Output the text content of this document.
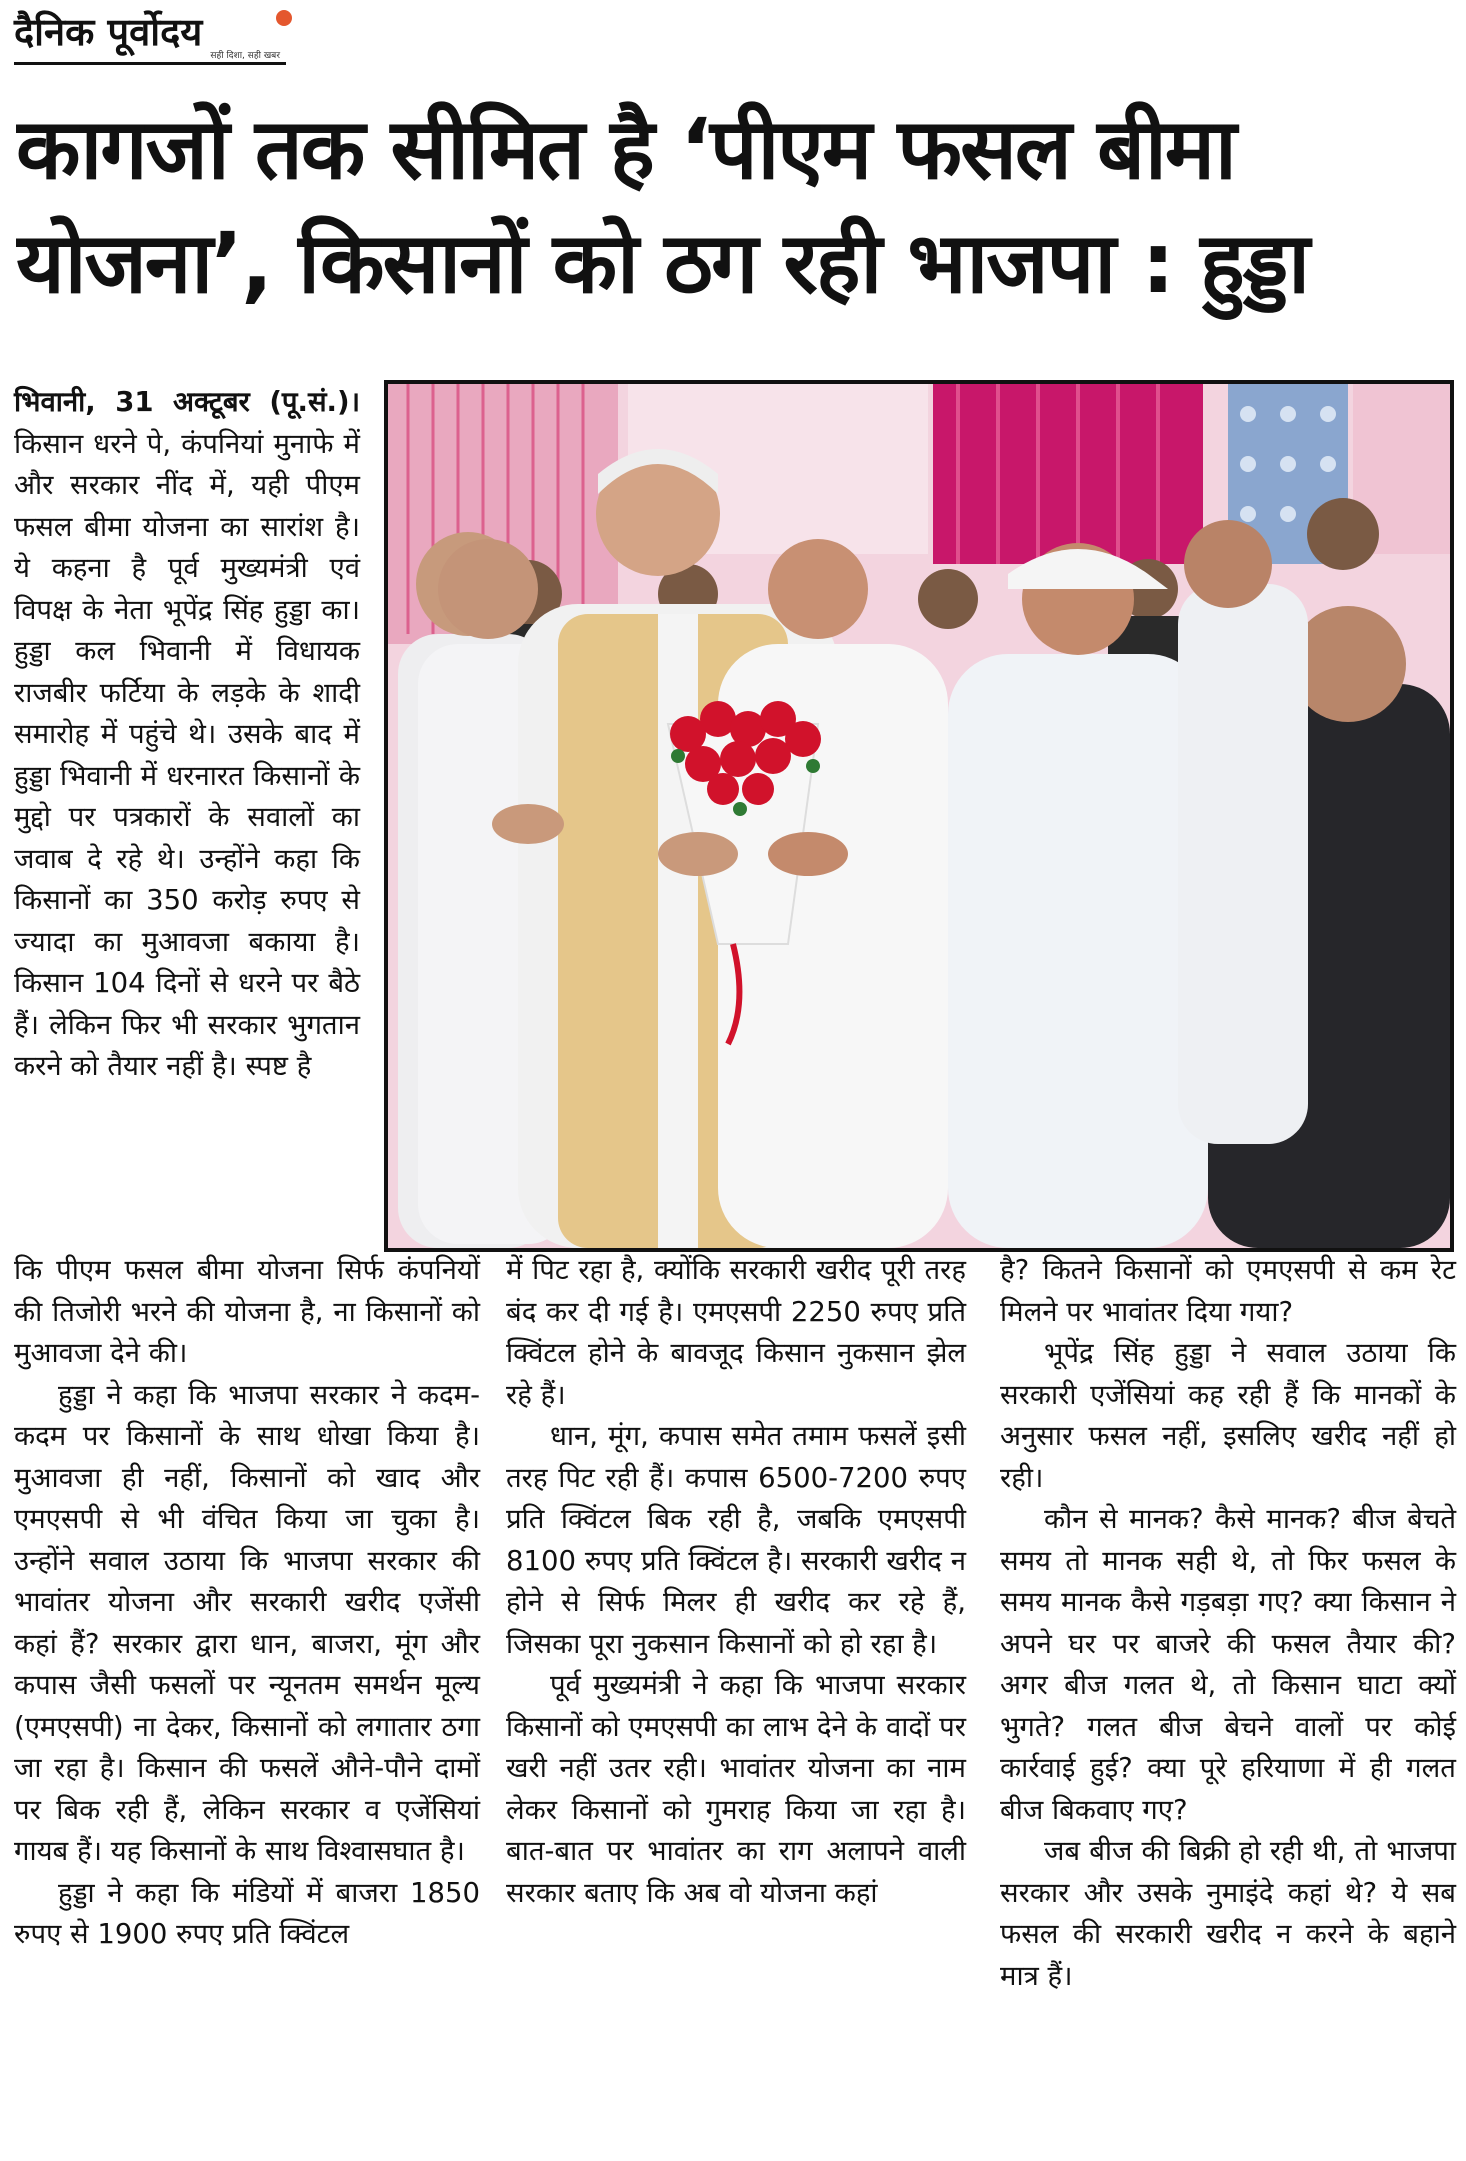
दैनिक पूर्वोदय
सही दिशा, सही खबर
कागजों तक सीमित है ‘पीएम फसल बीमा
योजना’, किसानों को ठग रही भाजपा : हुड्डा

भिवानी, 31 अक्टूबर (पू.सं.)। किसान धरने पे, कंपनियां मुनाफे में और सरकार नींद में, यही पीएम फसल बीमा योजना का सारांश है। ये कहना है पूर्व मुख्यमंत्री एवं विपक्ष के नेता भूपेंद्र सिंह हुड्डा का। हुड्डा कल भिवानी में विधायक राजबीर फर्टिया के लड़के के शादी समारोह में पहुंचे थे। उसके बाद में हुड्डा भिवानी में धरनारत किसानों के मुद्दो पर पत्रकारों के सवालों का जवाब दे रहे थे। उन्होंने कहा कि किसानों का 350 करोड़ रुपए से ज्यादा का मुआवजा बकाया है। किसान 104 दिनों से धरने पर बैठे हैं। लेकिन फिर भी सरकार भुगतान करने को तैयार नहीं है। स्पष्ट है

कि पीएम फसल बीमा योजना सिर्फ कंपनियों की तिजोरी भरने की योजना है, ना किसानों को मुआवजा देने की।

हुड्डा ने कहा कि भाजपा सरकार ने कदम-कदम पर किसानों के साथ धोखा किया है। मुआवजा ही नहीं, किसानों को खाद और एमएसपी से भी वंचित किया जा चुका है। उन्होंने सवाल उठाया कि भाजपा सरकार की भावांतर योजना और सरकारी खरीद एजेंसी कहां हैं? सरकार द्वारा धान, बाजरा, मूंग और कपास जैसी फसलों पर न्यूनतम समर्थन मूल्य (एमएसपी) ना देकर, किसानों को लगातार ठगा जा रहा है। किसान की फसलें औने-पौने दामों पर बिक रही हैं, लेकिन सरकार व एजेंसियां गायब हैं। यह किसानों के साथ विश्वासघात है।

हुड्डा ने कहा कि मंडियों में बाजरा 1850 रुपए से 1900 रुपए प्रति क्विंटल

में पिट रहा है, क्योंकि सरकारी खरीद पूरी तरह बंद कर दी गई है। एमएसपी 2250 रुपए प्रति क्विंटल होने के बावजूद किसान नुकसान झेल रहे हैं।

धान, मूंग, कपास समेत तमाम फसलें इसी तरह पिट रही हैं। कपास 6500-7200 रुपए प्रति क्विंटल बिक रही है, जबकि एमएसपी 8100 रुपए प्रति क्विंटल है। सरकारी खरीद न होने से सिर्फ मिलर ही खरीद कर रहे हैं, जिसका पूरा नुकसान किसानों को हो रहा है।

पूर्व मुख्यमंत्री ने कहा कि भाजपा सरकार किसानों को एमएसपी का लाभ देने के वादों पर खरी नहीं उतर रही। भावांतर योजना का नाम लेकर किसानों को गुमराह किया जा रहा है। बात-बात पर भावांतर का राग अलापने वाली सरकार बताए कि अब वो योजना कहां

है? कितने किसानों को एमएसपी से कम रेट मिलने पर भावांतर दिया गया?

भूपेंद्र सिंह हुड्डा ने सवाल उठाया कि सरकारी एजेंसियां कह रही हैं कि मानकों के अनुसार फसल नहीं, इसलिए खरीद नहीं हो रही।

कौन से मानक? कैसे मानक? बीज बेचते समय तो मानक सही थे, तो फिर फसल के समय मानक कैसे गड़बड़ा गए? क्या किसान ने अपने घर पर बाजरे की फसल तैयार की? अगर बीज गलत थे, तो किसान घाटा क्यों भुगते? गलत बीज बेचने वालों पर कोई कार्रवाई हुई? क्या पूरे हरियाणा में ही गलत बीज बिकवाए गए?

जब बीज की बिक्री हो रही थी, तो भाजपा सरकार और उसके नुमाइंदे कहां थे? ये सब फसल की सरकारी खरीद न करने के बहाने मात्र हैं।
